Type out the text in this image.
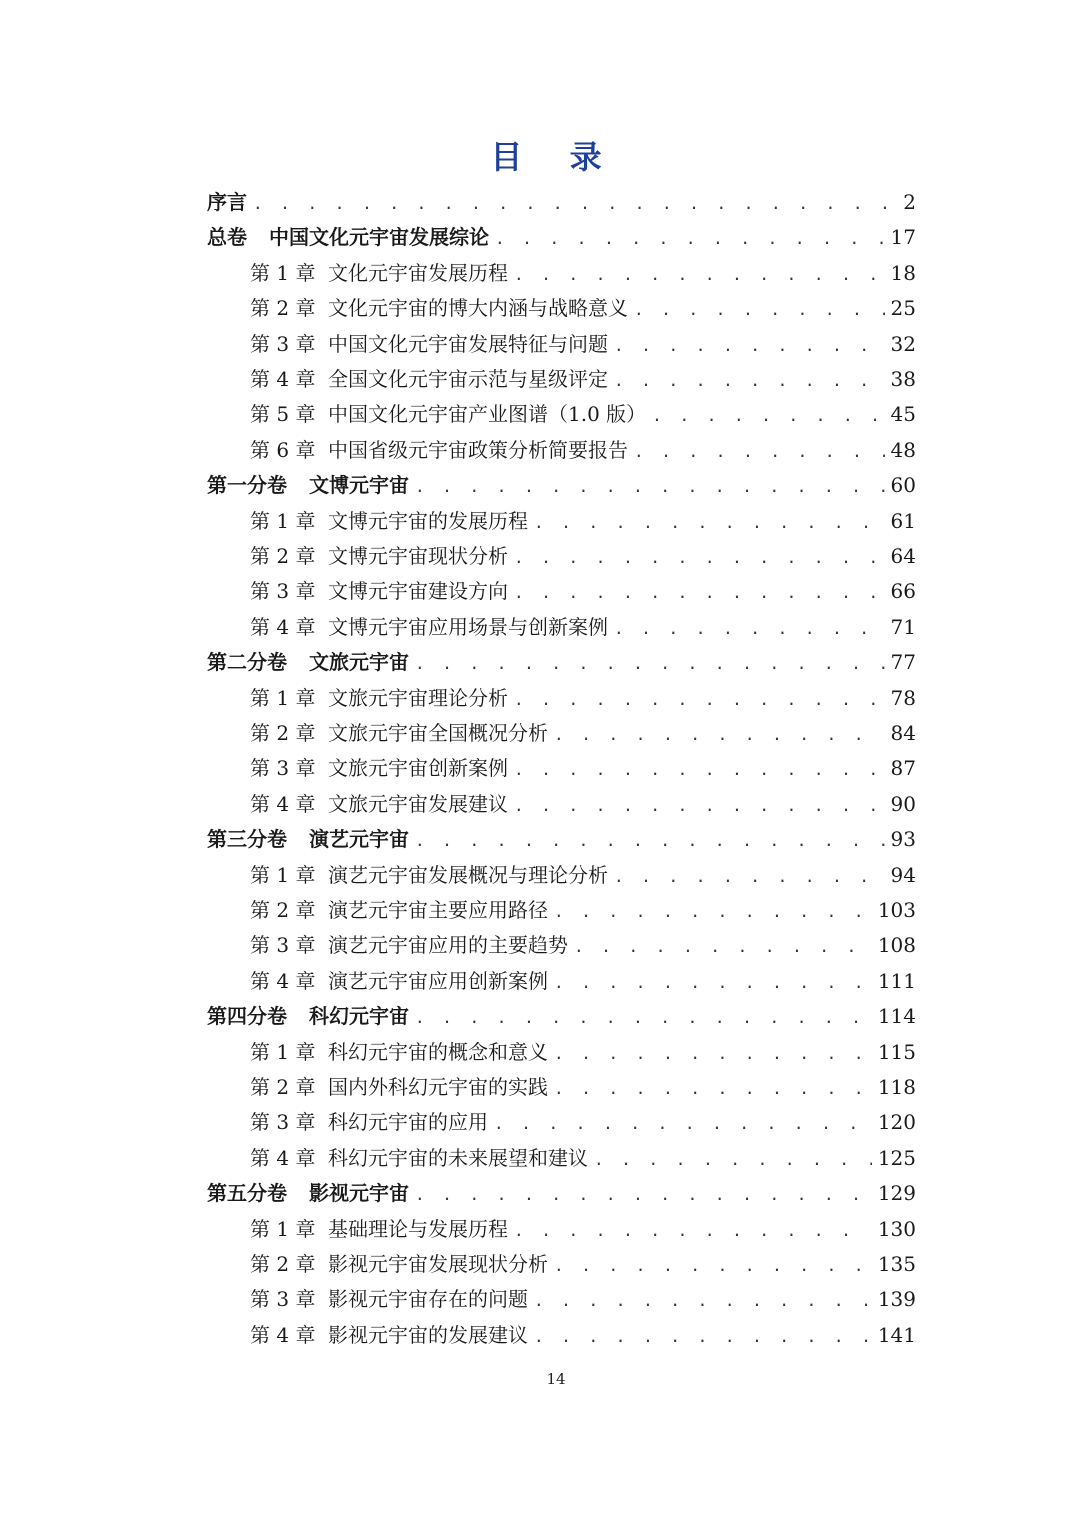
目 录
序言 . . .	2
总卷 中国文化元宇宙发展综论 . . .	17
第 1 章 文化元宇宙发展历程 . . .	18
第 2 章 文化元宇宙的博大内涵与战略意义 . . .	25
第 3 章 中国文化元宇宙发展特征与问题 . . .	32
第 4 章 全国文化元宇宙示范与星级评定 . . .	38
第 5 章 中国文化元宇宙产业图谱（1.0 版） . . .	45
第 6 章 中国省级元宇宙政策分析简要报告 . . .	48
第一分卷 文博元宇宙 . . .	60
第 1 章 文博元宇宙的发展历程 . . .	61
第 2 章 文博元宇宙现状分析 . . .	64
第 3 章 文博元宇宙建设方向 . . .	66
第 4 章 文博元宇宙应用场景与创新案例 . . .	71
第二分卷 文旅元宇宙 . . .	77
第 1 章 文旅元宇宙理论分析 . . .	78
第 2 章 文旅元宇宙全国概况分析 . . .	84
第 3 章 文旅元宇宙创新案例 . . .	87
第 4 章 文旅元宇宙发展建议 . . .	90
第三分卷 演艺元宇宙 . . .	93
第 1 章 演艺元宇宙发展概况与理论分析 . . .	94
第 2 章 演艺元宇宙主要应用路径 . . .	103
第 3 章 演艺元宇宙应用的主要趋势 . . .	108
第 4 章 演艺元宇宙应用创新案例 . . .	111
第四分卷 科幻元宇宙 . . .	114
第 1 章 科幻元宇宙的概念和意义 . . .	115
第 2 章 国内外科幻元宇宙的实践 . . .	118
第 3 章 科幻元宇宙的应用 . . .	120
第 4 章 科幻元宇宙的未来展望和建议 . . .	125
第五分卷 影视元宇宙 . . .	129
第 1 章 基础理论与发展历程 . . .	130
第 2 章 影视元宇宙发展现状分析 . . .	135
第 3 章 影视元宇宙存在的问题 . . .	139
第 4 章 影视元宇宙的发展建议 . . .	141
14
